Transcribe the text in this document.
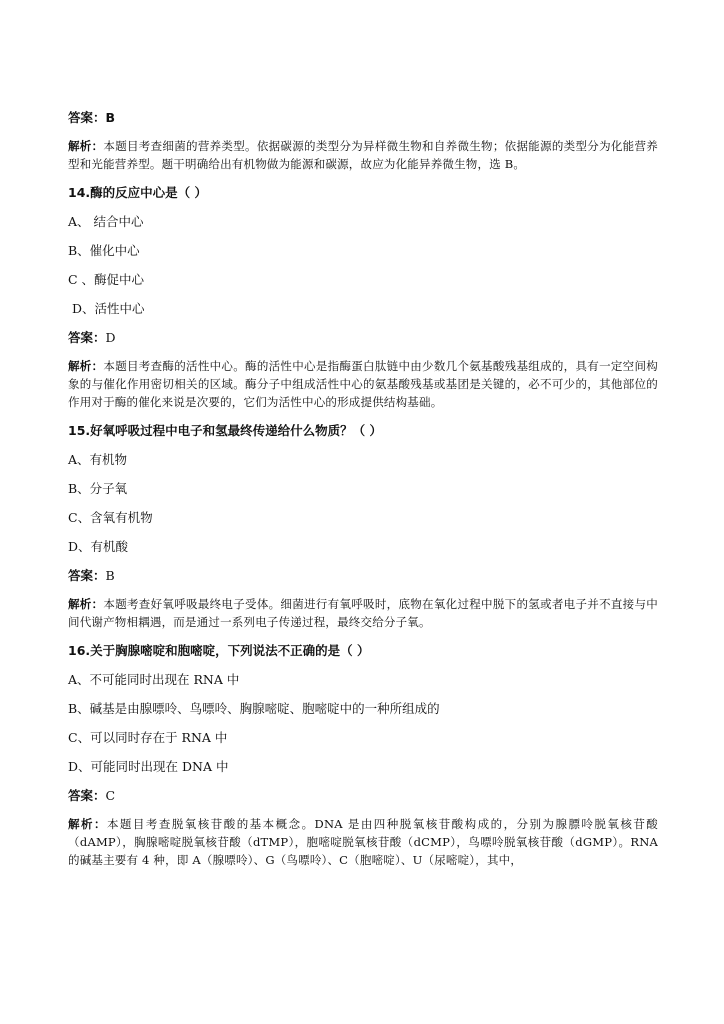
答案：B
解析：本题目考查细菌的营养类型。依据碳源的类型分为异样微生物和自养微生物；依据能源的类型分为化能营养型和光能营养型。题干明确给出有机物做为能源和碳源，故应为化能异养微生物，选 B。
14.酶的反应中心是（ ）
A、 结合中心
B、催化中心
C 、酶促中心
D、活性中心
答案：D
解析：本题目考查酶的活性中心。酶的活性中心是指酶蛋白肽链中由少数几个氨基酸残基组成的，具有一定空间构象的与催化作用密切相关的区域。酶分子中组成活性中心的氨基酸残基或基团是关键的，必不可少的，其他部位的作用对于酶的催化来说是次要的，它们为活性中心的形成提供结构基础。
15.好氧呼吸过程中电子和氢最终传递给什么物质？（ ）
A、有机物
B、分子氧
C、含氧有机物
D、有机酸
答案：B
解析：本题考查好氧呼吸最终电子受体。细菌进行有氧呼吸时，底物在氧化过程中脱下的氢或者电子并不直接与中间代谢产物相耦遇，而是通过一系列电子传递过程，最终交给分子氧。
16.关于胸腺嘧啶和胞嘧啶，下列说法不正确的是（ ）
A、不可能同时出现在 RNA 中
B、碱基是由腺嘌呤、鸟嘌呤、胸腺嘧啶、胞嘧啶中的一种所组成的
C、可以同时存在于 RNA 中
D、可能同时出现在 DNA 中
答案：C
解析：本题目考查脱氧核苷酸的基本概念。DNA 是由四种脱氧核苷酸构成的，分别为腺膘呤脱氧核苷酸（dAMP），胸腺嘧啶脱氧核苷酸（dTMP），胞嘧啶脱氧核苷酸（dCMP），鸟嘌呤脱氧核苷酸（dGMP）。RNA 的碱基主要有 4 种，即 A（腺嘌呤）、G（鸟嘌呤）、C（胞嘧啶）、U（尿嘧啶），其中，
